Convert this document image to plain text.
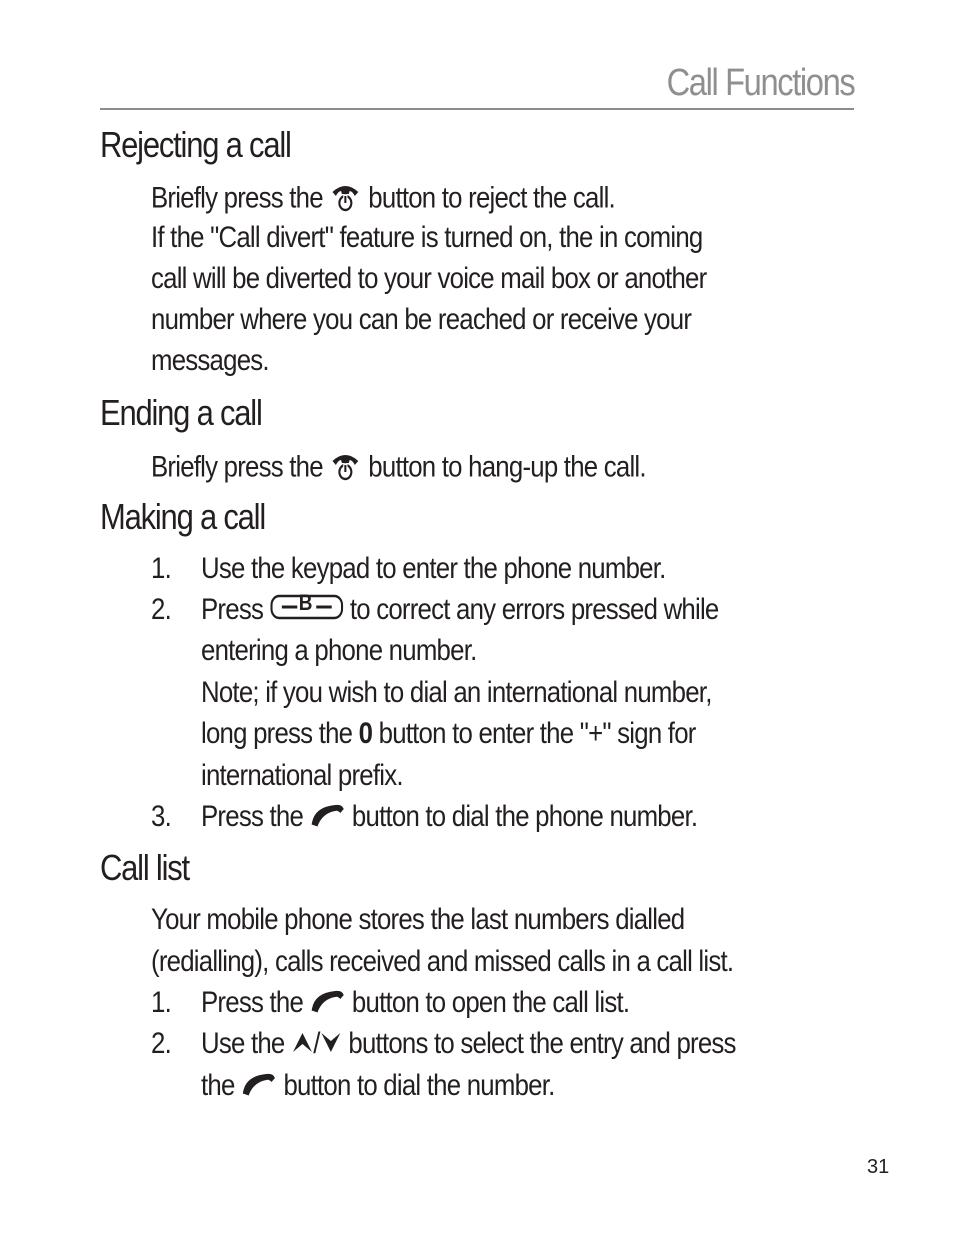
Call Functions
Rejecting a call
Briefly press the button to reject the call.
If the "Call divert" feature is turned on, the in coming
call will be diverted to your voice mail box or another
number where you can be reached or receive your
messages.
Ending a call
Briefly press the button to hang-up the call.
Making a call
1. Use the keypad to enter the phone number.
2. Press B to correct any errors pressed while
entering a phone number.
Note; if you wish to dial an international number,
long press the 0 button to enter the "+" sign for
international prefix.
3. Press the button to dial the phone number.
Call list
Your mobile phone stores the last numbers dialled
(redialling), calls received and missed calls in a call list.
1. Press the button to open the call list.
2. Use the / buttons to select the entry and press
the button to dial the number.
31
